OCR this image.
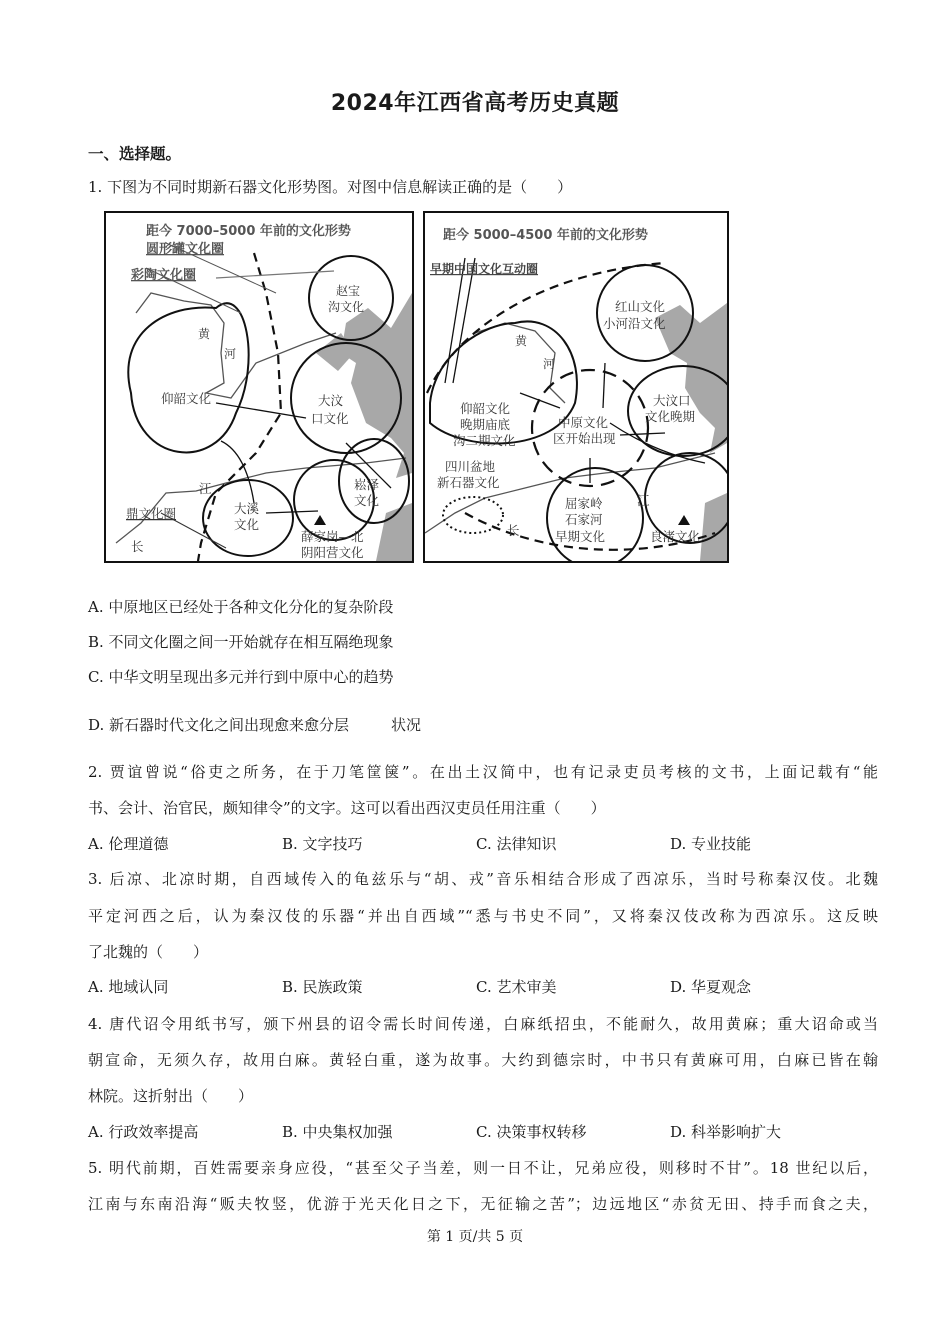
2024年江西省高考历史真题
一、选择题。
1. 下图为不同时期新石器文化形势图。对图中信息解读正确的是（　　）
距今 7000–5000 年前的文化形势
圆形罐文化圈
彩陶文化圈
赵宝
沟文化
黄
河
仰韶文化	大汶
口文化
江
大溪
文化
崧泽
文化
薛家岗—北
阴阳营文化
鼎文化圈
长
距今 5000–4500 年前的文化形势
早期中国文化互动圈
红山文化
小河沿文化
黄
河
仰韶文化
晚期庙底
沟二期文化
中原文化
区开始出现
大汶口
文化晚期
四川盆地
新石器文化
屈家岭
石家河
早期文化
江
长	良渚文化
A. 中原地区已经处于各种文化分化的复杂阶段
B. 不同文化圈之间一开始就存在相互隔绝现象
C. 中华文明呈现出多元并行到中原中心的趋势
D. 新石器时代文化之间出现愈来愈分层	状况
2. 贾谊曾说“俗吏之所务，在于刀笔筐箧”。在出土汉简中，也有记录吏员考核的文书，上面记载有“能
书、会计、治官民，颇知律令”的文字。这可以看出西汉吏员任用注重（　　）
A. 伦理道德	B. 文字技巧	C. 法律知识	D. 专业技能
3. 后凉、北凉时期，自西域传入的龟兹乐与“胡、戎”音乐相结合形成了西凉乐，当时号称秦汉伎。北魏
平定河西之后，认为秦汉伎的乐器“并出自西域”“悉与书史不同”，又将秦汉伎改称为西凉乐。这反映
了北魏的（　　）
A. 地域认同	B. 民族政策	C. 艺术审美	D. 华夏观念
4. 唐代诏令用纸书写，颁下州县的诏令需长时间传递，白麻纸招虫，不能耐久，故用黄麻；重大诏命或当
朝宣命，无须久存，故用白麻。黄轻白重，遂为故事。大约到德宗时，中书只有黄麻可用，白麻已皆在翰
林院。这折射出（　　）
A. 行政效率提高	B. 中央集权加强	C. 决策事权转移	D. 科举影响扩大
5. 明代前期，百姓需要亲身应役，“甚至父子当差，则一日不让，兄弟应役，则移时不甘”。18 世纪以后，
江南与东南沿海“贩夫牧竖，优游于光天化日之下，无征输之苦”；边远地区“赤贫无田、持手而食之夫，
第 1 页/共 5 页
